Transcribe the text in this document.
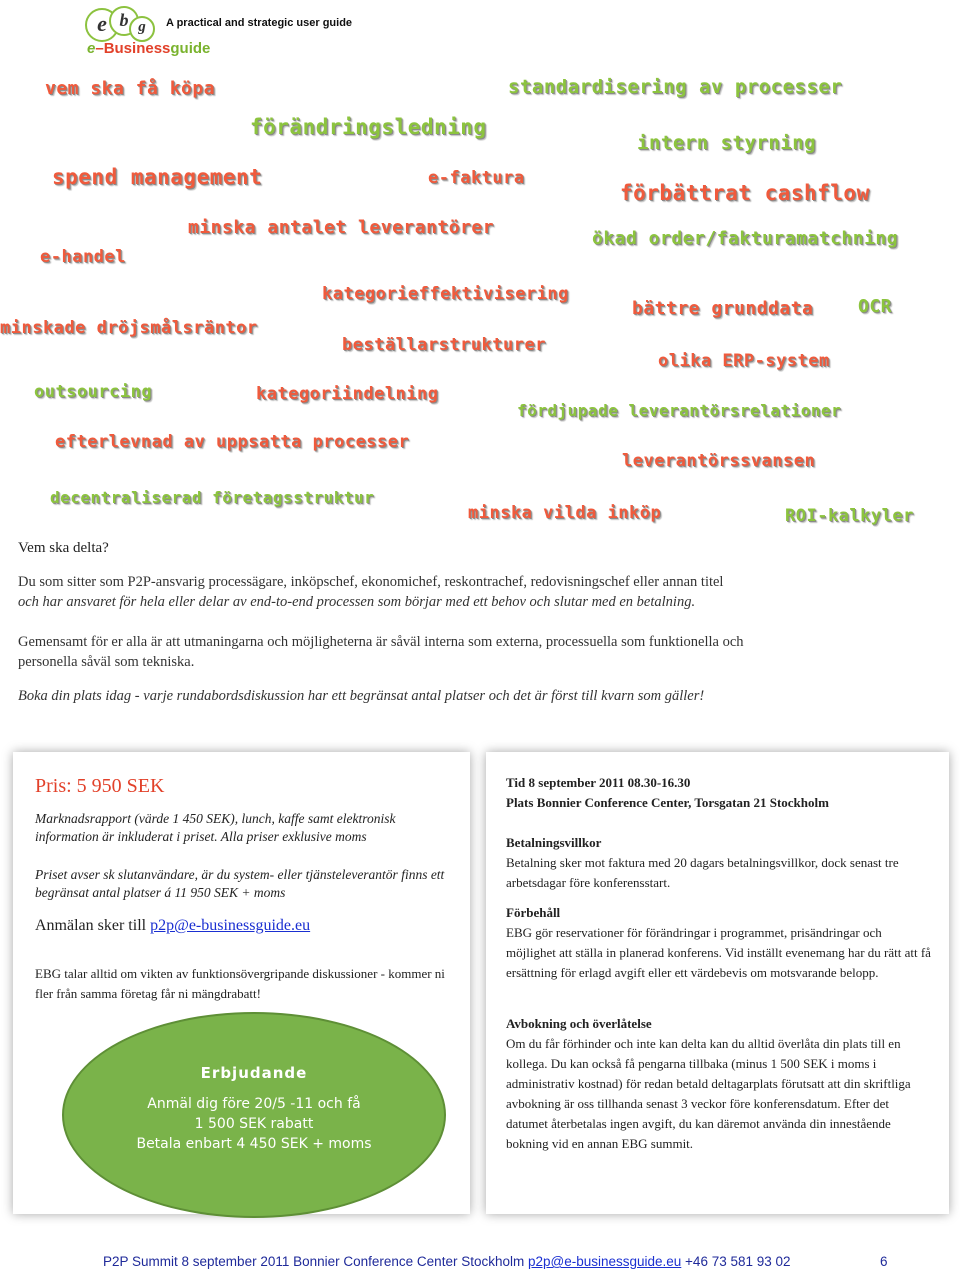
e b g	A practical and strategic user guide
e–Businessguide
vem ska få köpa	standardisering av processer
förändringsledning
intern styrning
spend management	e-faktura
förbättrat cashflow
minska antalet leverantörer
ökad order/fakturamatchning
e-handel
kategorieffektivisering
bättre grunddata OCR
minskade dröjsmålsräntor
beställarstrukturer
olika ERP-system
outsourcing	kategoriindelning
fördjupade leverantörsrelationer
efterlevnad av uppsatta processer
leverantörssvansen
decentraliserad företagsstruktur
minska vilda inköp	ROI-kalkyler
Vem ska delta?
Du som sitter som P2P-ansvarig processägare, inköpschef, ekonomichef, reskontrachef, redovisningschef eller annan titel
och har ansvaret för hela eller delar av end-to-end processen som börjar med ett behov och slutar med en betalning.
Gemensamt för er alla är att utmaningarna och möjligheterna är såväl interna som externa, processuella som funktionella och
personella såväl som tekniska.
Boka din plats idag - varje rundabordsdiskussion har ett begränsat antal platser och det är först till kvarn som gäller!
Pris: 5 950 SEK
Marknadsrapport (värde 1 450 SEK), lunch, kaffe samt elektronisk information är inkluderat i priset. Alla priser exklusive moms
Priset avser sk slutanvändare, är du system- eller tjänsteleverantör finns ett begränsat antal platser á 11 950 SEK + moms
Anmälan sker till p2p@e-businessguide.eu
EBG talar alltid om vikten av funktionsövergripande diskussioner - kommer ni fler från samma företag får ni mängdrabatt!
Erbjudande
Anmäl dig före 20/5 -11 och få
1 500 SEK rabatt
Betala enbart 4 450 SEK + moms
Tid 8 september 2011 08.30-16.30
Plats Bonnier Conference Center, Torsgatan 21 Stockholm
Betalningsvillkor
Betalning sker mot faktura med 20 dagars betalningsvillkor, dock senast tre arbetsdagar före konferensstart.
Förbehåll
EBG gör reservationer för förändringar i programmet, prisändringar och möjlighet att ställa in planerad konferens. Vid inställt evenemang har du rätt att få ersättning för erlagd avgift eller ett värdebevis om motsvarande belopp.
Avbokning och överlåtelse
Om du får förhinder och inte kan delta kan du alltid överlåta din plats till en kollega. Du kan också få pengarna tillbaka (minus 1 500 SEK i moms i administrativ kostnad) för redan betald deltagarplats förutsatt att din skriftliga avbokning är oss tillhanda senast 3 veckor före konferensdatum. Efter det datumet återbetalas ingen avgift, du kan däremot använda din innestående bokning vid en annan EBG summit.
P2P Summit 8 september 2011 Bonnier Conference Center Stockholm p2p@e-businessguide.eu +46 73 581 93 02	6
